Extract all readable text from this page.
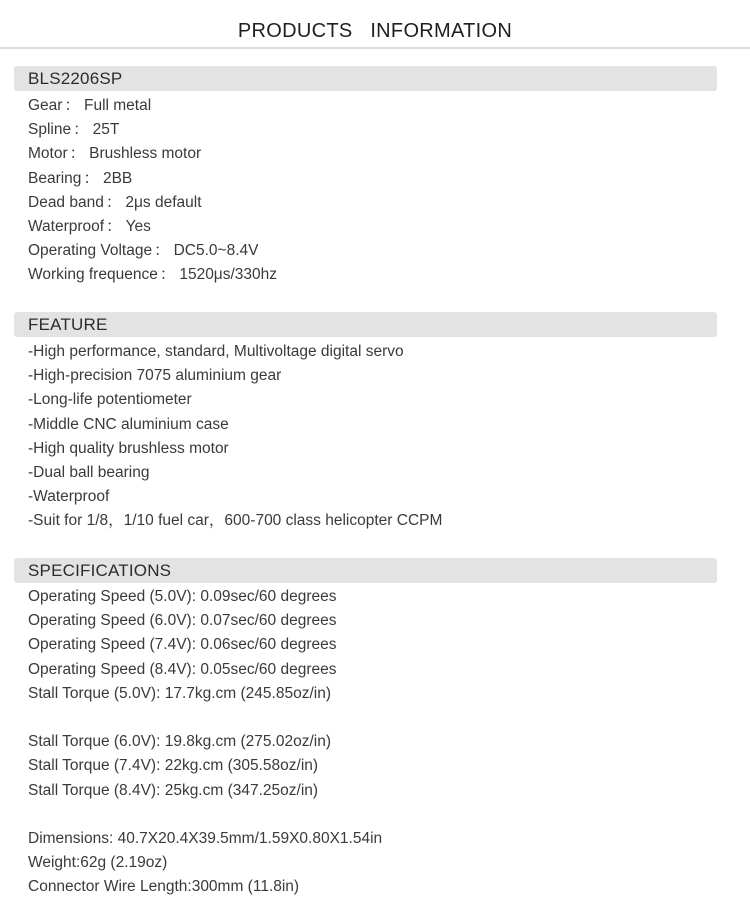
PRODUCTS INFORMATION
BLS2206SP
Gear ： Full metal
Spline ： 25T
Motor ： Brushless motor
Bearing ： 2BB
Dead band ： 2μs default
Waterproof ： Yes
Operating Voltage ： DC5.0~8.4V
Working frequence ： 1520μs/330hz
FEATURE
-High performance, standard, Multivoltage digital servo
-High-precision 7075 aluminium gear
-Long-life potentiometer
-Middle CNC aluminium case
-High quality brushless motor
-Dual ball bearing
-Waterproof
-Suit for 1/8，1/10 fuel car，600-700 class helicopter CCPM
SPECIFICATIONS
Operating Speed (5.0V): 0.09sec/60 degrees
Operating Speed (6.0V): 0.07sec/60 degrees
Operating Speed (7.4V): 0.06sec/60 degrees
Operating Speed (8.4V): 0.05sec/60 degrees
Stall Torque (5.0V): 17.7kg.cm (245.85oz/in)
Stall Torque (6.0V): 19.8kg.cm (275.02oz/in)
Stall Torque (7.4V): 22kg.cm (305.58oz/in)
Stall Torque (8.4V): 25kg.cm (347.25oz/in)
Dimensions: 40.7X20.4X39.5mm/1.59X0.80X1.54in
Weight:62g (2.19oz)
Connector Wire Length:300mm (11.8in)
